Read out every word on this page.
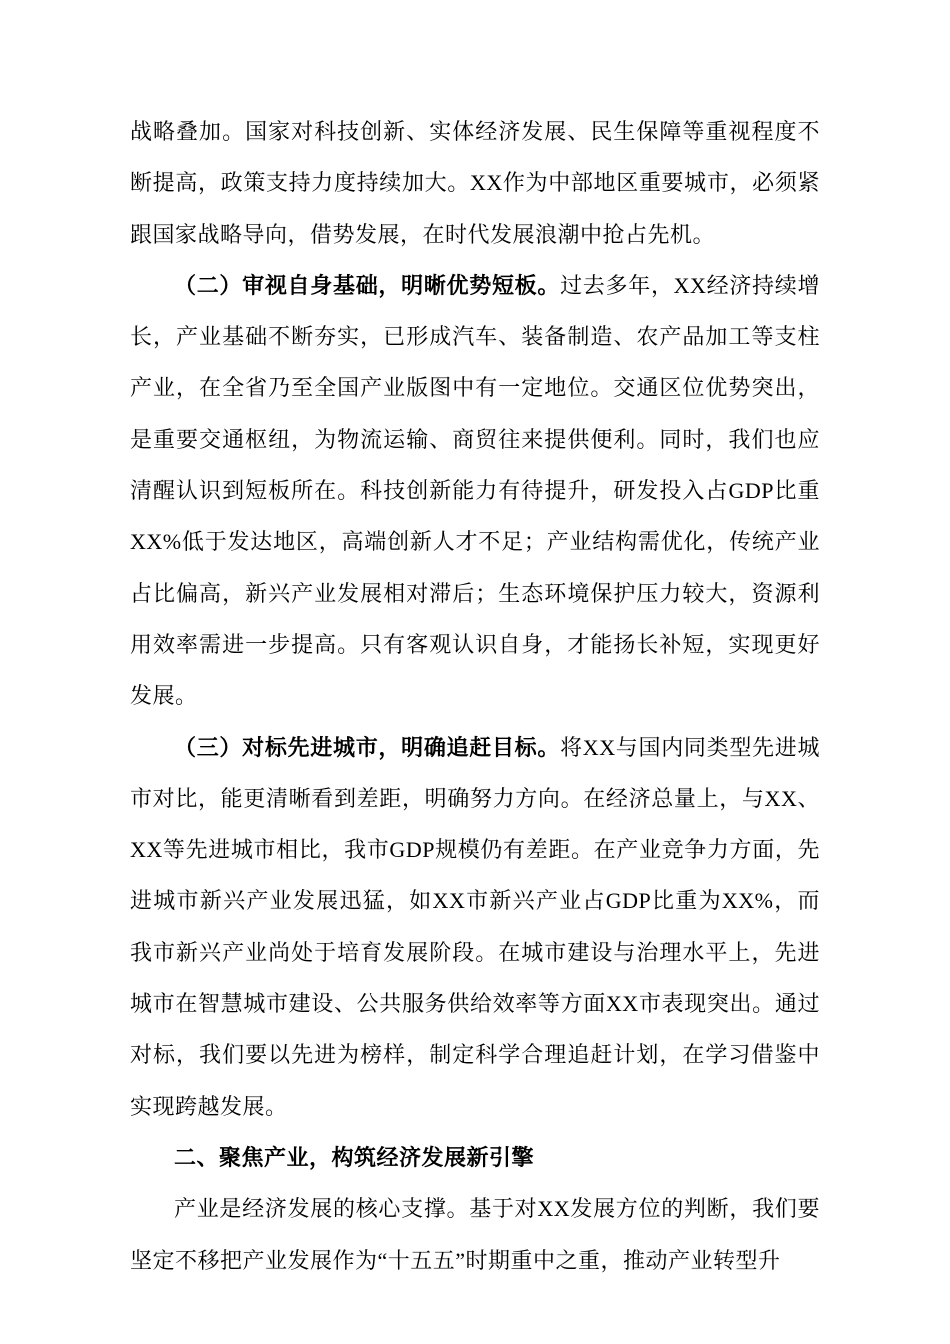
战略叠加。国家对科技创新、实体经济发展、民生保障等重视程度不断提高，政策支持力度持续加大。XX作为中部地区重要城市，必须紧跟国家战略导向，借势发展，在时代发展浪潮中抢占先机。

（二）审视自身基础，明晰优势短板。过去多年，XX经济持续增长，产业基础不断夯实，已形成汽车、装备制造、农产品加工等支柱产业，在全省乃至全国产业版图中有一定地位。交通区位优势突出，是重要交通枢纽，为物流运输、商贸往来提供便利。同时，我们也应清醒认识到短板所在。科技创新能力有待提升，研发投入占GDP比重XX%低于发达地区，高端创新人才不足；产业结构需优化，传统产业占比偏高，新兴产业发展相对滞后；生态环境保护压力较大，资源利用效率需进一步提高。只有客观认识自身，才能扬长补短，实现更好发展。

（三）对标先进城市，明确追赶目标。将XX与国内同类型先进城市对比，能更清晰看到差距，明确努力方向。在经济总量上，与XX、XX等先进城市相比，我市GDP规模仍有差距。在产业竞争力方面，先进城市新兴产业发展迅猛，如XX市新兴产业占GDP比重为XX%，而我市新兴产业尚处于培育发展阶段。在城市建设与治理水平上，先进城市在智慧城市建设、公共服务供给效率等方面XX市表现突出。通过对标，我们要以先进为榜样，制定科学合理追赶计划，在学习借鉴中实现跨越发展。

二、聚焦产业，构筑经济发展新引擎

产业是经济发展的核心支撑。基于对XX发展方位的判断，我们要坚定不移把产业发展作为“十五五”时期重中之重，推动产业转型升
